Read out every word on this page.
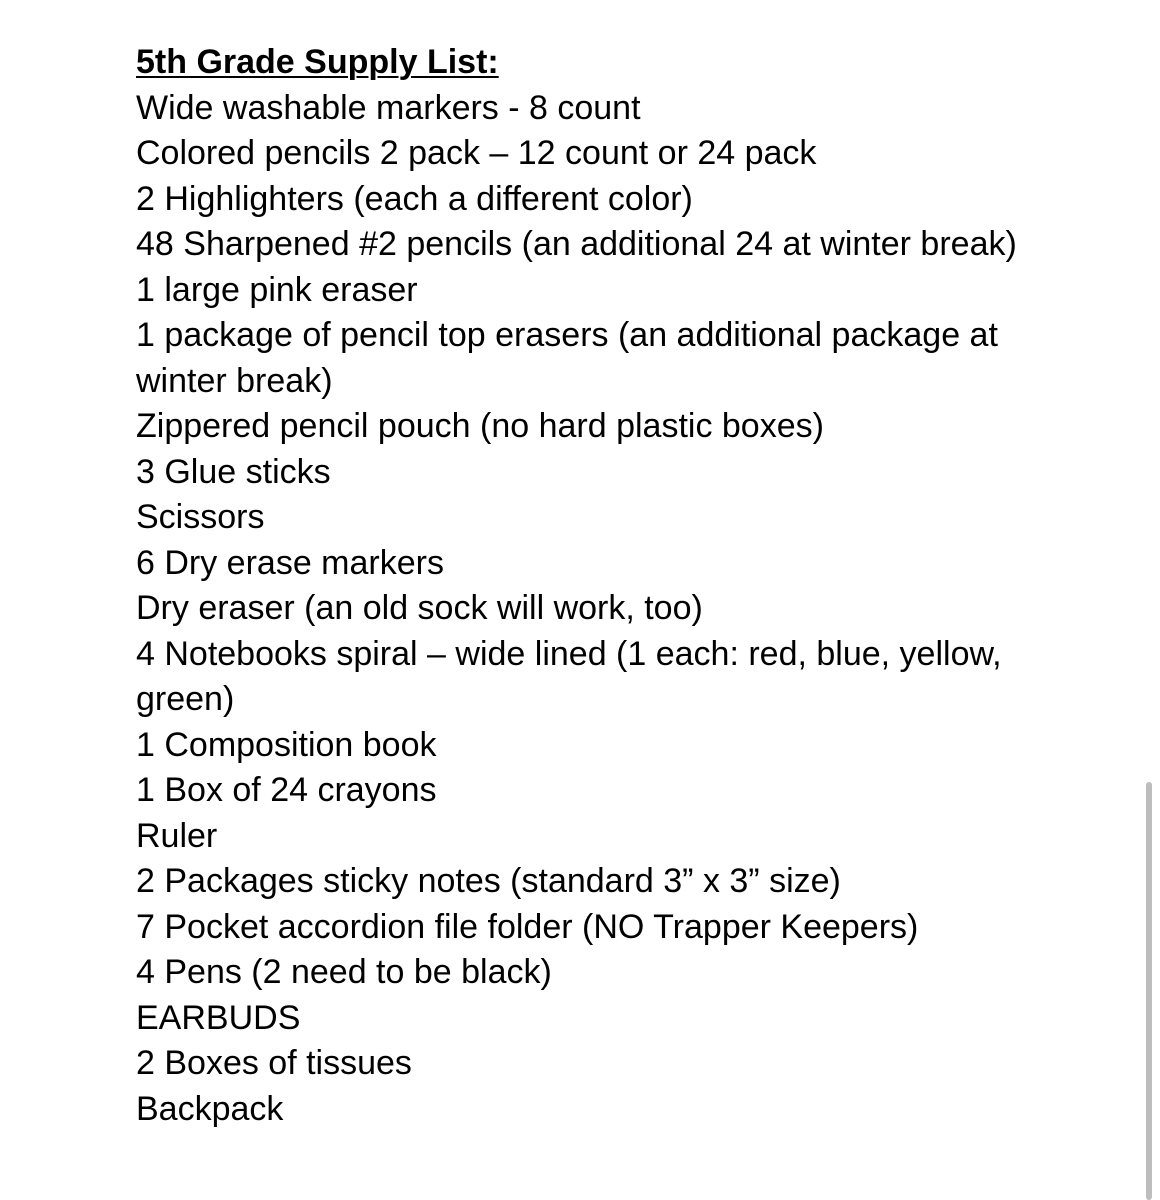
5th Grade Supply List:

Wide washable markers - 8 count
Colored pencils 2 pack – 12 count or 24 pack
2 Highlighters (each a different color)
48 Sharpened #2 pencils (an additional 24 at winter break)
1 large pink eraser
1 package of pencil top erasers (an additional package at winter break)
Zippered pencil pouch (no hard plastic boxes)
3 Glue sticks
Scissors
6 Dry erase markers
Dry eraser (an old sock will work, too)
4 Notebooks spiral – wide lined (1 each: red, blue, yellow, green)
1 Composition book
1 Box of 24 crayons
Ruler
2 Packages sticky notes (standard 3” x 3” size)
7 Pocket accordion file folder (NO Trapper Keepers)
4 Pens (2 need to be black)
EARBUDS
2 Boxes of tissues
Backpack
